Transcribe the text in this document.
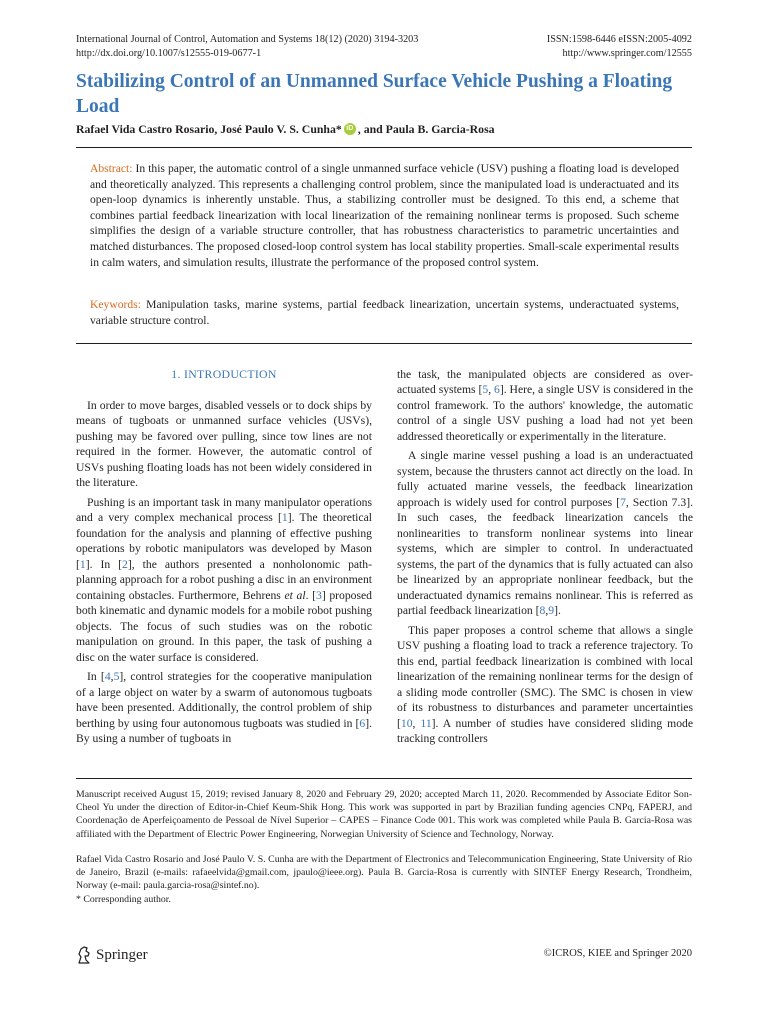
International Journal of Control, Automation and Systems 18(12) (2020) 3194-3203
http://dx.doi.org/10.1007/s12555-019-0677-1
ISSN:1598-6446 eISSN:2005-4092
http://www.springer.com/12555
Stabilizing Control of an Unmanned Surface Vehicle Pushing a Floating Load
Rafael Vida Castro Rosario, José Paulo V. S. Cunha* iD , and Paula B. Garcia-Rosa
Abstract: In this paper, the automatic control of a single unmanned surface vehicle (USV) pushing a floating load is developed and theoretically analyzed. This represents a challenging control problem, since the manipulated load is underactuated and its open-loop dynamics is inherently unstable. Thus, a stabilizing controller must be designed. To this end, a scheme that combines partial feedback linearization with local linearization of the remaining nonlinear terms is proposed. Such scheme simplifies the design of a variable structure controller, that has robustness characteristics to parametric uncertainties and matched disturbances. The proposed closed-loop control system has local stability properties. Small-scale experimental results in calm waters, and simulation results, illustrate the performance of the proposed control system.
Keywords: Manipulation tasks, marine systems, partial feedback linearization, uncertain systems, underactuated systems, variable structure control.
1. INTRODUCTION

In order to move barges, disabled vessels or to dock ships by means of tugboats or unmanned surface vehicles (USVs), pushing may be favored over pulling, since tow lines are not required in the former. However, the automatic control of USVs pushing floating loads has not been widely considered in the literature.

Pushing is an important task in many manipulator operations and a very complex mechanical process [1]. The theoretical foundation for the analysis and planning of effective pushing operations by robotic manipulators was developed by Mason [1]. In [2], the authors presented a nonholonomic path-planning approach for a robot pushing a disc in an environment containing obstacles. Furthermore, Behrens et al. [3] proposed both kinematic and dynamic models for a mobile robot pushing objects. The focus of such studies was on the robotic manipulation on ground. In this paper, the task of pushing a disc on the water surface is considered.

In [4,5], control strategies for the cooperative manipulation of a large object on water by a swarm of autonomous tugboats have been presented. Additionally, the control problem of ship berthing by using four autonomous tugboats was studied in [6]. By using a number of tugboats in

the task, the manipulated objects are considered as over-actuated systems [5, 6]. Here, a single USV is considered in the control framework. To the authors' knowledge, the automatic control of a single USV pushing a load had not yet been addressed theoretically or experimentally in the literature.

A single marine vessel pushing a load is an underactuated system, because the thrusters cannot act directly on the load. In fully actuated marine vessels, the feedback linearization approach is widely used for control purposes [7, Section 7.3]. In such cases, the feedback linearization cancels the nonlinearities to transform nonlinear systems into linear systems, which are simpler to control. In underactuated systems, the part of the dynamics that is fully actuated can also be linearized by an appropriate nonlinear feedback, but the underactuated dynamics remains nonlinear. This is referred as partial feedback linearization [8,9].

This paper proposes a control scheme that allows a single USV pushing a floating load to track a reference trajectory. To this end, partial feedback linearization is combined with local linearization of the remaining nonlinear terms for the design of a sliding mode controller (SMC). The SMC is chosen in view of its robustness to disturbances and parameter uncertainties [10, 11]. A number of studies have considered sliding mode tracking controllers

Manuscript received August 15, 2019; revised January 8, 2020 and February 29, 2020; accepted March 11, 2020. Recommended by Associate Editor Son-Cheol Yu under the direction of Editor-in-Chief Keum-Shik Hong. This work was supported in part by Brazilian funding agencies CNPq, FAPERJ, and Coordenação de Aperfeiçoamento de Pessoal de Nível Superior – CAPES – Finance Code 001. This work was completed while Paula B. Garcia-Rosa was affiliated with the Department of Electric Power Engineering, Norwegian University of Science and Technology, Norway.
Rafael Vida Castro Rosario and José Paulo V. S. Cunha are with the Department of Electronics and Telecommunication Engineering, State University of Rio de Janeiro, Brazil (e-mails: rafaeelvida@gmail.com, jpaulo@ieee.org). Paula B. Garcia-Rosa is currently with SINTEF Energy Research, Trondheim, Norway (e-mail: paula.garcia-rosa@sintef.no).
* Corresponding author.
Springer	©ICROS, KIEE and Springer 2020
